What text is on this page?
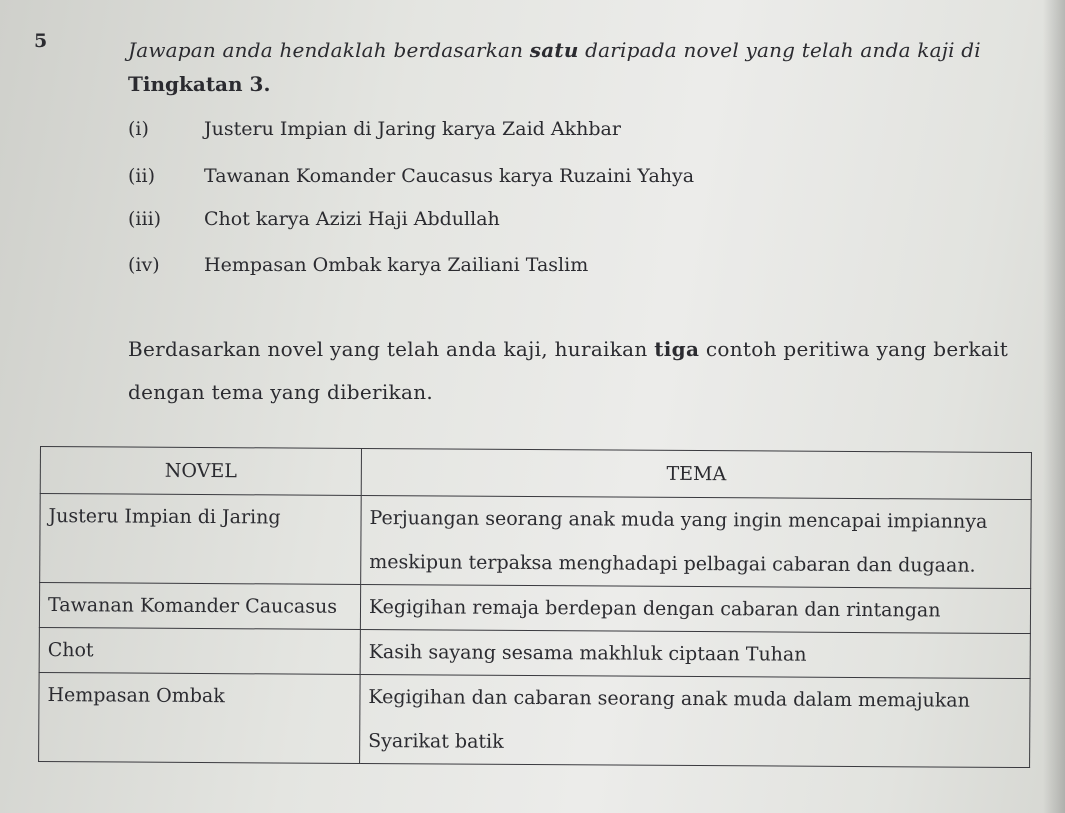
5	Jawapan anda hendaklah berdasarkan satu daripada novel yang telah anda kaji di
Tingkatan 3.
(i)	Justeru Impian di Jaring karya Zaid Akhbar
(ii)	Tawanan Komander Caucasus karya Ruzaini Yahya
(iii) Chot karya Azizi Haji Abdullah
(iv) Hempasan Ombak karya Zailiani Taslim
Berdasarkan novel yang telah anda kaji, huraikan tiga contoh peritiwa yang berkait
dengan tema yang diberikan.
NOVEL	TEMA

Justeru Impian di Jaring	Perjuangan seorang anak muda yang ingin mencapai impiannya
meskipun terpaksa menghadapi pelbagai cabaran dan dugaan.

Tawanan Komander Caucasus	Kegigihan remaja berdepan dengan cabaran dan rintangan

Chot	Kasih sayang sesama makhluk ciptaan Tuhan

Hempasan Ombak	Kegigihan dan cabaran seorang anak muda dalam memajukan
Syarikat batik
